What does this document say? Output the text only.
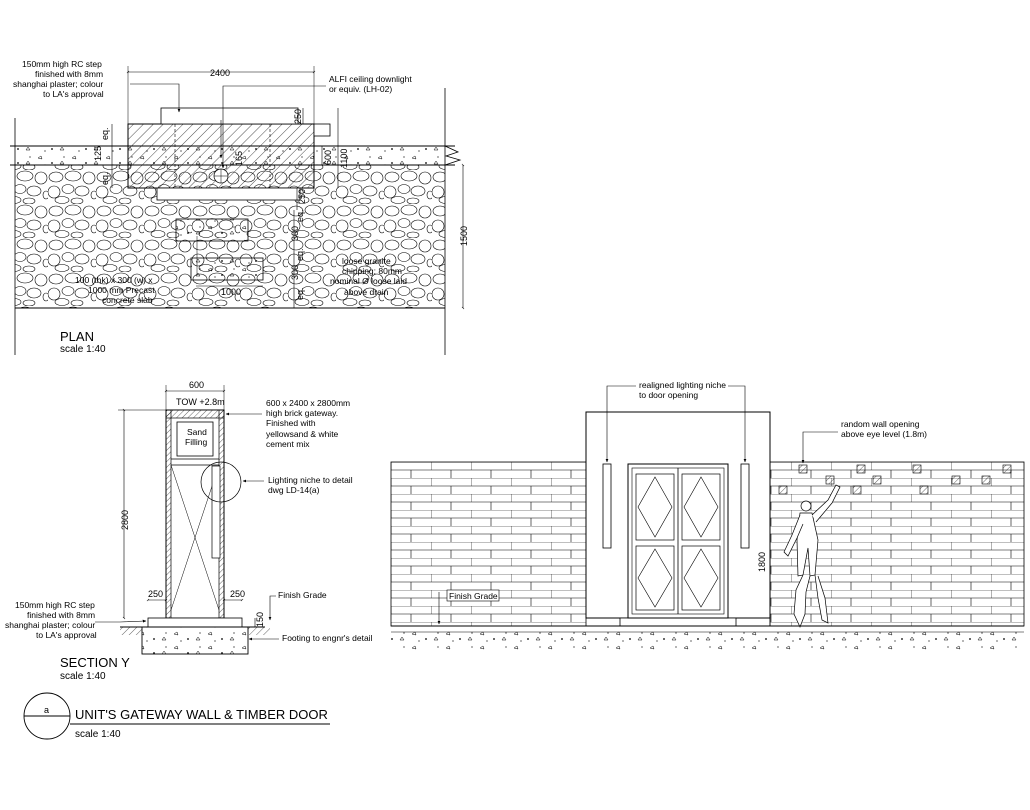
2400
250
600 1100
250
eq.
300
eq.
300
eq.
1000
1500
eq.
125
eq.
165
150mm high RC step
finished with 8mm
shanghai plaster; colour
to LA's approval
ALFI ceiling downlight
or equiv. (LH-02)
100 (thk) x 300 (w) x
1000 mm Precast
concrete slab
loose granite
chipping; 80mm
nominal Ø loose laid
above drain
PLAN
scale 1:40
Sand
Filling
600
TOW +2.8m
2800
250	250
150
600 x 2400 x 2800mm
high brick gateway.
Finished with
yellowsand & white
cement mix
Lighting niche to detail
dwg LD-14(a)
Finish Grade
Footing to engnr's detail
150mm high RC step
finished with 8mm
shanghai plaster; colour
to LA's approval
SECTION Y
scale 1:40
1800
realigned lighting niche
to door opening
random wall opening
above eye level (1.8m)
Finish Grade
a UNIT'S GATEWAY WALL & TIMBER DOOR
scale 1:40
